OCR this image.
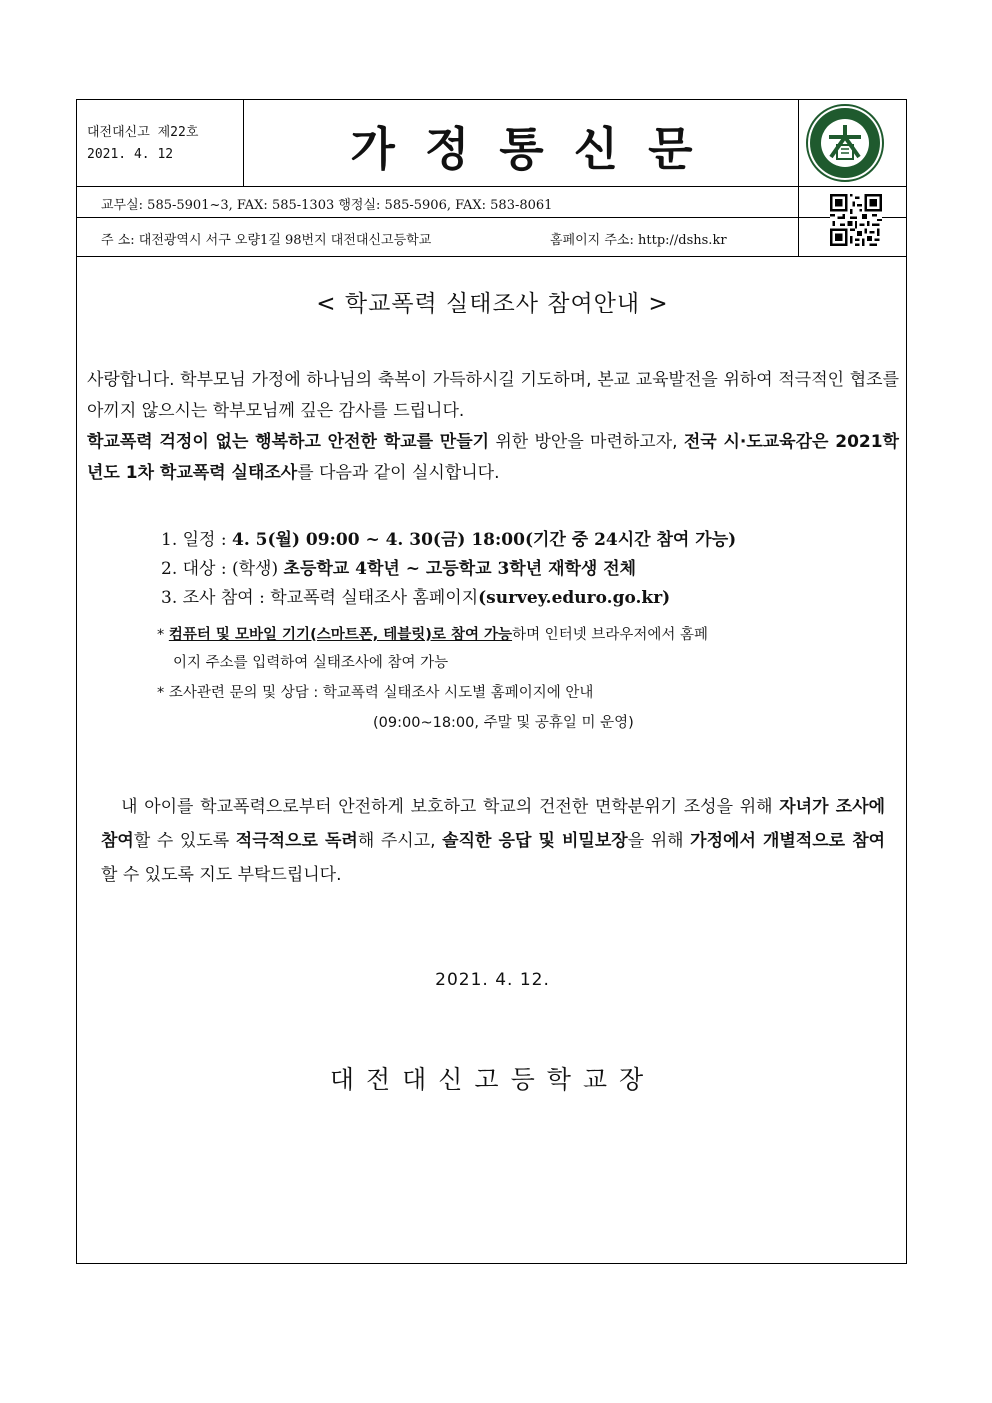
대전대신고 제22호
2021. 4. 12	가정통신문
교무실: 585-5901~3, FAX: 585-1303 행정실: 585-5906, FAX: 583-8061
주 소: 대전광역시 서구 오량1길 98번지 대전대신고등학교	홈페이지 주소: http://dshs.kr
< 학교폭력 실태조사 참여안내 >

사랑합니다. 학부모님 가정에 하나님의 축복이 가득하시길 기도하며, 본교 교육발전을 위하여 적극적인 협조를 아끼지 않으시는 학부모님께 깊은 감사를 드립니다.

학교폭력 걱정이 없는 행복하고 안전한 학교를 만들기 위한 방안을 마련하고자, 전국 시·도교육감은 2021학년도 1차 학교폭력 실태조사를 다음과 같이 실시합니다.

1. 일정 : 4. 5(월) 09:00 ~ 4. 30(금) 18:00(기간 중 24시간 참여 가능)
2. 대상 : (학생) 초등학교 4학년 ~ 고등학교 3학년 재학생 전체
3. 조사 참여 : 학교폭력 실태조사 홈페이지(survey.eduro.go.kr)
* 컴퓨터 및 모바일 기기(스마트폰, 테블릿)로 참여 가능하며 인터넷 브라우저에서 홈페
이지 주소를 입력하여 실태조사에 참여 가능
* 조사관련 문의 및 상담 : 학교폭력 실태조사 시도별 홈페이지에 안내
(09:00~18:00, 주말 및 공휴일 미 운영)
내 아이를 학교폭력으로부터 안전하게 보호하고 학교의 건전한 면학분위기 조성을 위해 자녀가 조사에 참여할 수 있도록 적극적으로 독려해 주시고, 솔직한 응답 및 비밀보장을 위해 가정에서 개별적으로 참여할 수 있도록 지도 부탁드립니다.
2021. 4. 12.
대전대신고등학교장
